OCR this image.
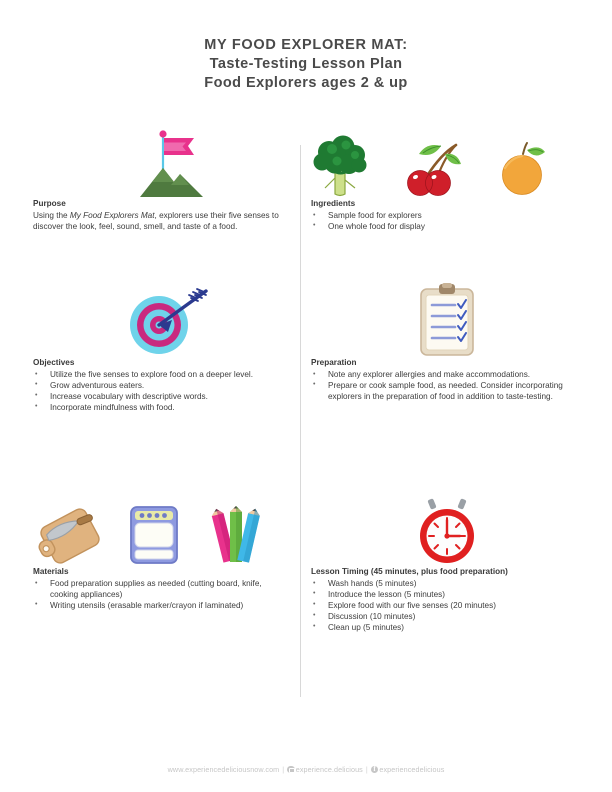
MY FOOD EXPLORER MAT:
Taste-Testing Lesson Plan
Food Explorers ages 2 & up
Purpose
Using the My Food Explorers Mat, explorers use their five senses to discover the look, feel, sound, smell, and taste of a food.
Ingredients
• Sample food for explorers
• One whole food for display
Objectives
• Utilize the five senses to explore food on a deeper level.
• Grow adventurous eaters.
• Increase vocabulary with descriptive words.
• Incorporate mindfulness with food.
Preparation
• Note any explorer allergies and make accommodations.
• Prepare or cook sample food, as needed. Consider incorporating explorers in the preparation of food in addition to taste-testing.
Materials
• Food preparation supplies as needed (cutting board, knife, cooking appliances)
• Writing utensils (erasable marker/crayon if laminated)
Lesson Timing (45 minutes, plus food preparation)
• Wash hands (5 minutes)
• Introduce the lesson (5 minutes)
• Explore food with our five senses (20 minutes)
• Discussion (10 minutes)
• Clean up (5 minutes)
www.experiencedeliciousnow.com | experience.delicious | f experiencedelicious
